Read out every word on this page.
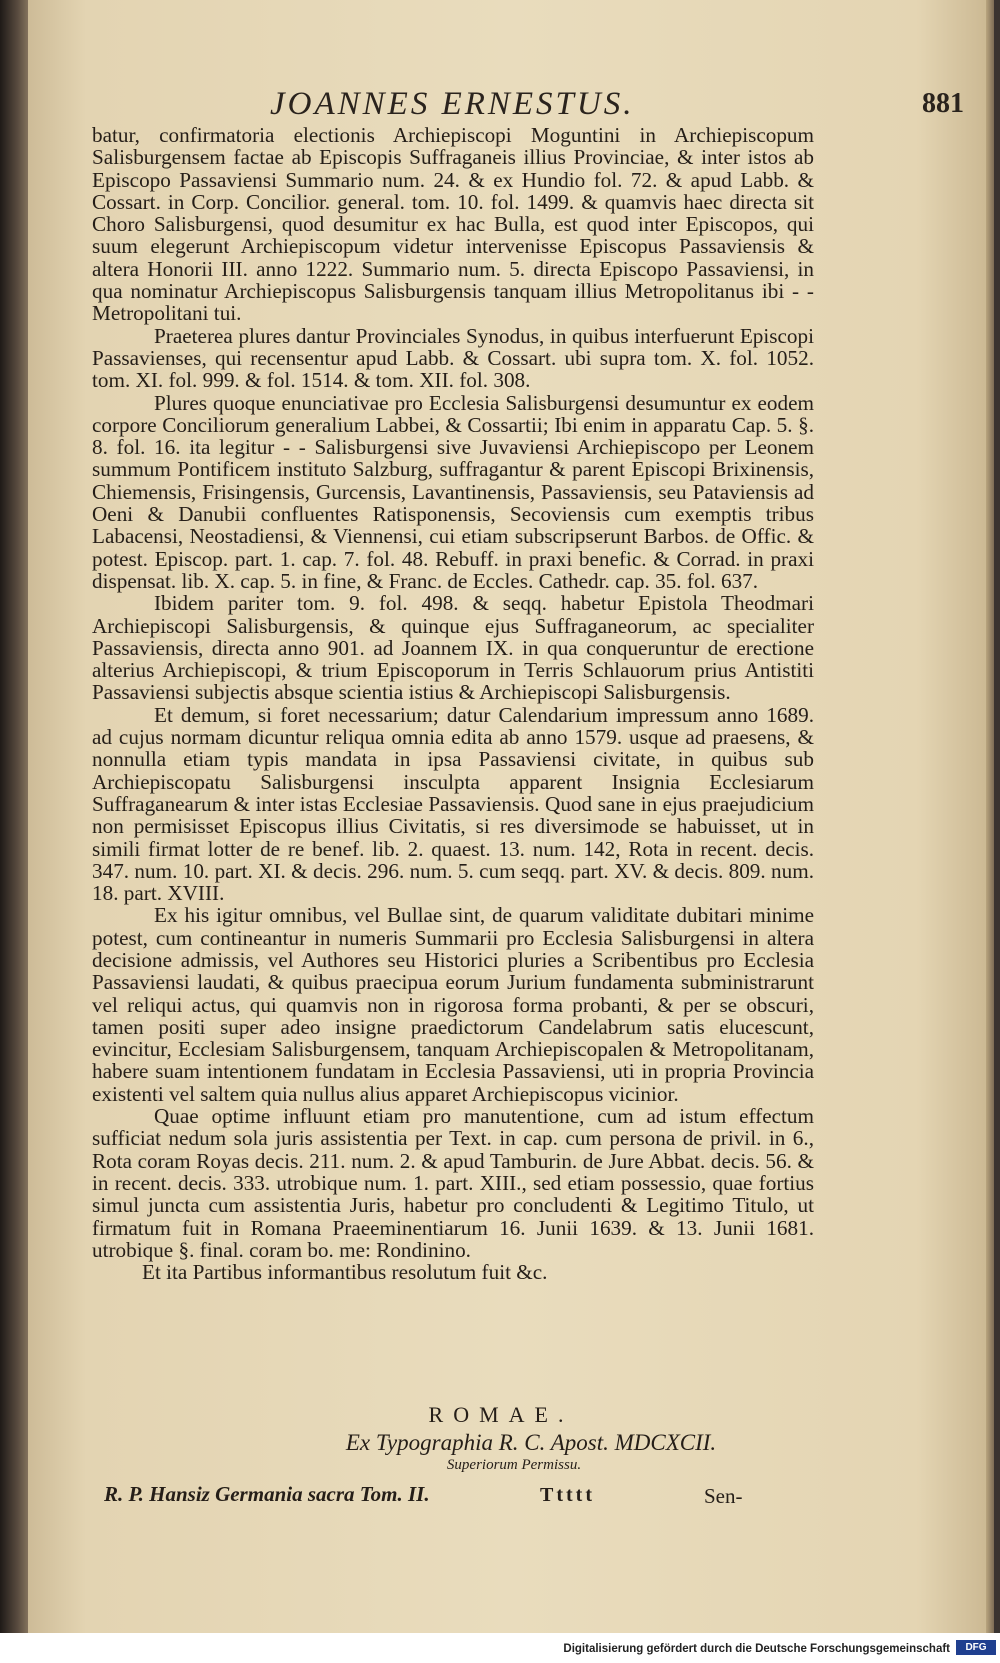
JOANNES ERNESTUS.	881

batur, confirmatoria electionis Archiepiscopi Moguntini in Archiepiscopum Salisburgensem factae ab Episcopis Suffraganeis illius Provinciae, & inter istos ab Episcopo Passaviensi Summario num. 24. & ex Hundio fol. 72. & apud Labb. & Cossart. in Corp. Concilior. general. tom. 10. fol. 1499. & quamvis haec directa sit Choro Salisburgensi, quod desumitur ex hac Bulla, est quod inter Episcopos, qui suum elegerunt Archiepiscopum videtur intervenisse Episcopus Passaviensis & altera Honorii III. anno 1222. Summario num. 5. directa Episcopo Passaviensi, in qua nominatur Archiepiscopus Salisburgensis tanquam illius Metropolitanus ibi - - Metropolitani tui.

Praeterea plures dantur Provinciales Synodus, in quibus interfuerunt Episcopi Passavienses, qui recensentur apud Labb. & Cossart. ubi supra tom. X. fol. 1052. tom. XI. fol. 999. & fol. 1514. & tom. XII. fol. 308.

Plures quoque enunciativae pro Ecclesia Salisburgensi desumuntur ex eodem corpore Conciliorum generalium Labbei, & Cossartii; Ibi enim in apparatu Cap. 5. §. 8. fol. 16. ita legitur - - Salisburgensi sive Juvaviensi Archiepiscopo per Leonem summum Pontificem instituto Salzburg, suffragantur & parent Episcopi Brixinensis, Chiemensis, Frisingensis, Gurcensis, Lavantinensis, Passaviensis, seu Pataviensis ad Oeni & Danubii confluentes Ratisponensis, Secoviensis cum exemptis tribus Labacensi, Neostadiensi, & Viennensi, cui etiam subscripserunt Barbos. de Offic. & potest. Episcop. part. 1. cap. 7. fol. 48. Rebuff. in praxi benefic. & Corrad. in praxi dispensat. lib. X. cap. 5. in fine, & Franc. de Eccles. Cathedr. cap. 35. fol. 637.

Ibidem pariter tom. 9. fol. 498. & seqq. habetur Epistola Theodmari Archiepiscopi Salisburgensis, & quinque ejus Suffraganeorum, ac specialiter Passaviensis, directa anno 901. ad Joannem IX. in qua conqueruntur de erectione alterius Archiepiscopi, & trium Episcoporum in Terris Schlauorum prius Antistiti Passaviensi subjectis absque scientia istius & Archiepiscopi Salisburgensis.

Et demum, si foret necessarium; datur Calendarium impressum anno 1689. ad cujus normam dicuntur reliqua omnia edita ab anno 1579. usque ad praesens, & nonnulla etiam typis mandata in ipsa Passaviensi civitate, in quibus sub Archiepiscopatu Salisburgensi insculpta apparent Insignia Ecclesiarum Suffraganearum & inter istas Ecclesiae Passaviensis. Quod sane in ejus praejudicium non permisisset Episcopus illius Civitatis, si res diversimode se habuisset, ut in simili firmat lotter de re benef. lib. 2. quaest. 13. num. 142, Rota in recent. decis. 347. num. 10. part. XI. & decis. 296. num. 5. cum seqq. part. XV. & decis. 809. num. 18. part. XVIII.

Ex his igitur omnibus, vel Bullae sint, de quarum validitate dubitari minime potest, cum contineantur in numeris Summarii pro Ecclesia Salisburgensi in altera decisione admissis, vel Authores seu Historici pluries a Scribentibus pro Ecclesia Passaviensi laudati, & quibus praecipua eorum Jurium fundamenta subministrarunt vel reliqui actus, qui quamvis non in rigorosa forma probanti, & per se obscuri, tamen positi super adeo insigne praedictorum Candelabrum satis elucescunt, evincitur, Ecclesiam Salisburgensem, tanquam Archiepiscopalen & Metropolitanam, habere suam intentionem fundatam in Ecclesia Passaviensi, uti in propria Provincia existenti vel saltem quia nullus alius apparet Archiepiscopus vicinior.

Quae optime influunt etiam pro manutentione, cum ad istum effectum sufficiat nedum sola juris assistentia per Text. in cap. cum persona de privil. in 6., Rota coram Royas decis. 211. num. 2. & apud Tamburin. de Jure Abbat. decis. 56. & in recent. decis. 333. utrobique num. 1. part. XIII., sed etiam possessio, quae fortius simul juncta cum assistentia Juris, habetur pro concludenti & Legitimo Titulo, ut firmatum fuit in Romana Praeeminentiarum 16. Junii 1639. & 13. Junii 1681. utrobique §. final. coram bo. me: Rondinino.

Et ita Partibus informantibus resolutum fuit &c.

ROMAE.
Ex Typographia R. C. Apost. MDCXCII.
Superiorum Permissu.
R. P. Hansiz Germania sacra Tom. II.	Ttttt	Sen-
Digitalisierung gefördert durch die Deutsche Forschungsgemeinschaft	DFG
